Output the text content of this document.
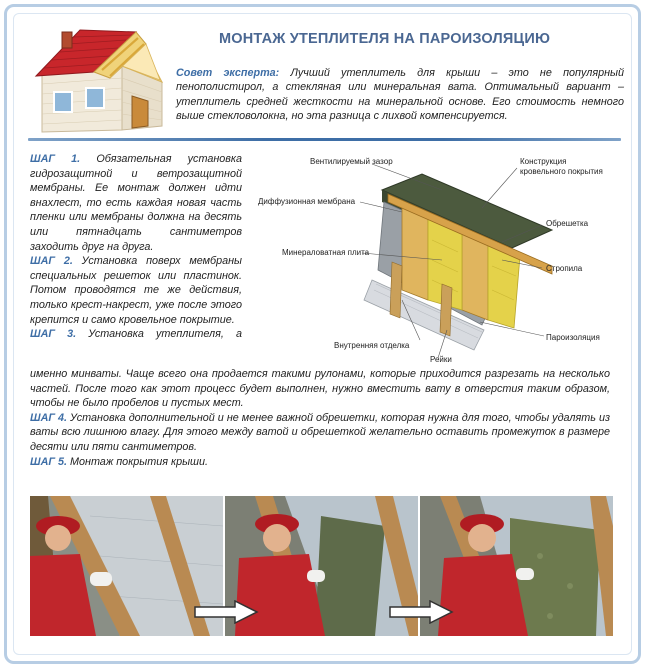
МОНТАЖ УТЕПЛИТЕЛЯ НА ПАРОИЗОЛЯЦИЮ
Совет эксперта: Лучший утеплитель для крыши – это не популярный пенополистирол, а стекляная или минеральная вата. Оптимальный вариант – утеплитель средней жесткости на минеральной основе. Его стоимость немного выше стекловолокна, но эта разница с лихвой компенсируется.

ШАГ 1. Обязательная установка гидрозащитной и ветрозащитной мембраны. Ее монтаж должен идти внахлест, то есть каждая новая часть пленки или мембраны должна на десять или пятнадцать сантиметров заходить друг на друга.

ШАГ 2. Установка поверх мембраны специальных решеток или пластинок. Потом проводятся те же действия, только крест-накрест, уже после этого крепится и само кровельное покрытие.

ШАГ 3. Установка утеплителя, а

именно минваты. Чаще всего она продается такими рулонами, которые приходится разрезать на несколько частей. После того как этот процесс будет выполнен, нужно вместить вату в отверстия таким образом, чтобы не было пробелов и пустых мест.

ШАГ 4. Установка дополнительной и не менее важной обрешетки, которая нужна для того, чтобы удалять из ваты всю лишнюю влагу. Для этого между ватой и обрешеткой желательно оставить промежуток в размере десяти или пяти сантиметров.

ШАГ 5. Монтаж покрытия крыши.

Вентилируемый зазор	Конструкция
кровельного покрытия
Диффузионная мембрана
Обрешетка
Минераловатная плита
Стропила
Пароизоляция
Внутренняя отделка
Рейки
